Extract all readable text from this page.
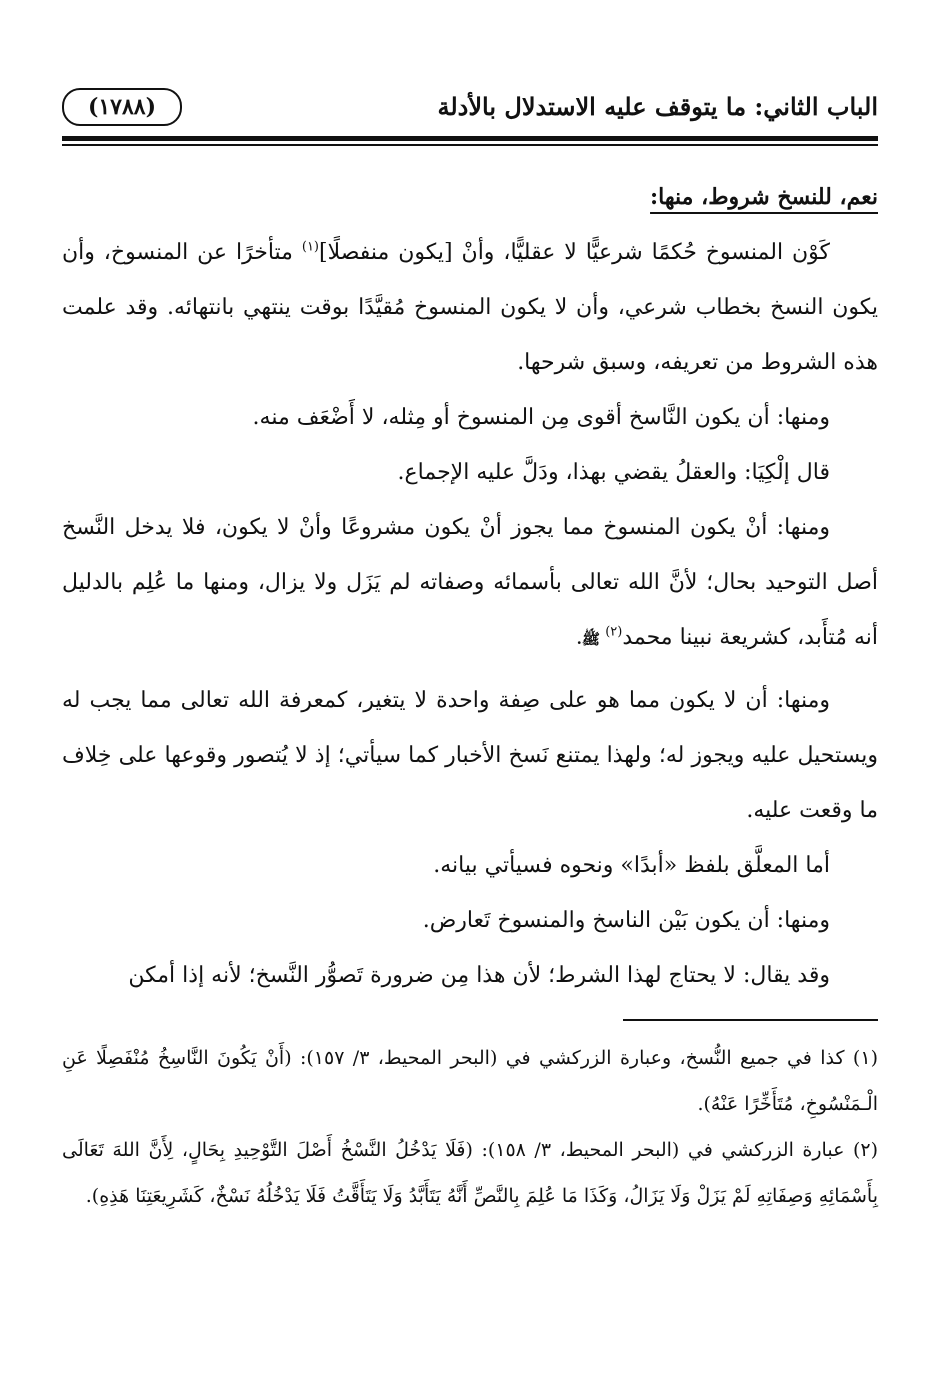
الباب الثاني: ما يتوقف عليه الاستدلال بالأدلة
(١٧٨٨)

نعم، للنسخ شروط، منها:

كَوْن المنسوخ حُكمًا شرعيًّا لا عقليًّا، وأنْ [يكون منفصلًا]$^{(١)}$ متأخرًا عن المنسوخ، وأن يكون النسخ بخطاب شرعي، وأن لا يكون المنسوخ مُقيَّدًا بوقت ينتهي بانتهائه. وقد علمت هذه الشروط من تعريفه، وسبق شرحها.

ومنها: أن يكون النَّاسخ أقوى مِن المنسوخ أو مِثله، لا أَضْعَف منه.

قال إلْكِيَا: والعقلُ يقضي بهذا، ودَلَّ عليه الإجماع.

ومنها: أنْ يكون المنسوخ مما يجوز أنْ يكون مشروعًا وأنْ لا يكون، فلا يدخل النَّسخ أصل التوحيد بحال؛ لأنَّ الله تعالى بأسمائه وصفاته لم يَزَل ولا يزال، ومنها ما عُلِم بالدليل أنه مُتأَبد، كشريعة نبينا محمد$^{(٢)}$ ﷺ.

ومنها: أن لا يكون مما هو على صِفة واحدة لا يتغير، كمعرفة الله تعالى مما يجب له ويستحيل عليه ويجوز له؛ ولهذا يمتنع نَسخ الأخبار كما سيأتي؛ إذ لا يُتصور وقوعها على خِلاف ما وقعت عليه.

أما المعلَّق بلفظ «أبدًا» ونحوه فسيأتي بيانه.

ومنها: أن يكون بَيْن الناسخ والمنسوخ تَعارض.

وقد يقال: لا يحتاج لهذا الشرط؛ لأن هذا مِن ضرورة تَصوُّر النَّسخ؛ لأنه إذا أمكن

(١) كذا في جميع النُّسخ، وعبارة الزركشي في (البحر المحيط، ٣/ ١٥٧): (أَنْ يَكُونَ النَّاسِخُ مُنْفَصِلًا عَنِ الْـمَنْسُوخِ، مُتَأَخِّرًا عَنْهُ).

(٢) عبارة الزركشي في (البحر المحيط، ٣/ ١٥٨): (فَلَا يَدْخُلُ النَّسْخُ أَصْلَ التَّوْحِيدِ بِحَالٍ، لِأَنَّ اللهَ تَعَالَى بِأَسْمَائِهِ وَصِفَاتِهِ لَمْ يَزَلْ وَلَا يَزَالُ، وَكَذَا مَا عُلِمَ بِالنَّصِّ أَنَّهُ يَتَأَبَّدُ وَلَا يَتَأَقَّتُ فَلَا يَدْخُلُهُ نَسْخٌ، كَشَرِيعَتِنَا هَذِهِ).
